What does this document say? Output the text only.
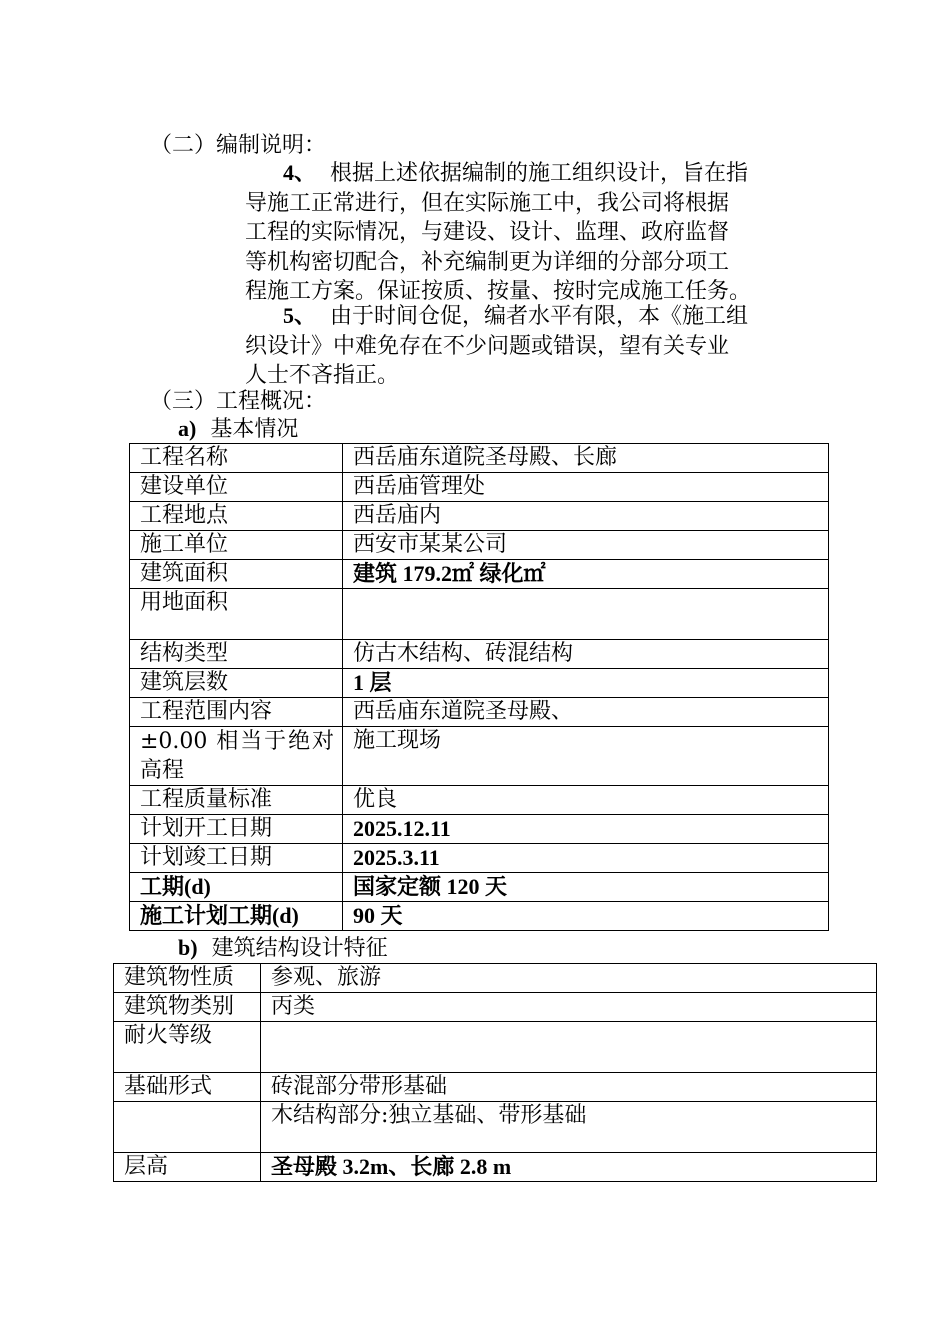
（二）编制说明：

4、 根据上述依据编制的施工组织设计，旨在指
导施工正常进行，但在实际施工中，我公司将根据
工程的实际情况，与建设、设计、监理、政府监督
等机构密切配合，补充编制更为详细的分部分项工
程施工方案。保证按质、按量、按时完成施工任务。
5、 由于时间仓促，编者水平有限，本《施工组
织设计》中难免存在不少问题或错误，望有关专业
人士不吝指正。

（三）工程概况：

a) 基本情况

工程名称	西岳庙东道院圣母殿、长廊
建设单位	西岳庙管理处
工程地点	西岳庙内
施工单位	西安市某某公司
建筑面积	建筑 179.2㎡ 绿化㎡
用地面积	
结构类型	仿古木结构、砖混结构
建筑层数	1 层
工程范围内容	西岳庙东道院圣母殿、
±0.00 相当于绝对高程	施工现场
工程质量标准	优良
计划开工日期	2025.12.11
计划竣工日期	2025.3.11
工期(d)	国家定额 120 天
施工计划工期(d)	90 天

b) 建筑结构设计特征

建筑物性质	参观、旅游
建筑物类别	丙类
耐火等级	
基础形式	砖混部分带形基础
	木结构部分:独立基础、带形基础
层高	圣母殿 3.2m、长廊 2.8 m
